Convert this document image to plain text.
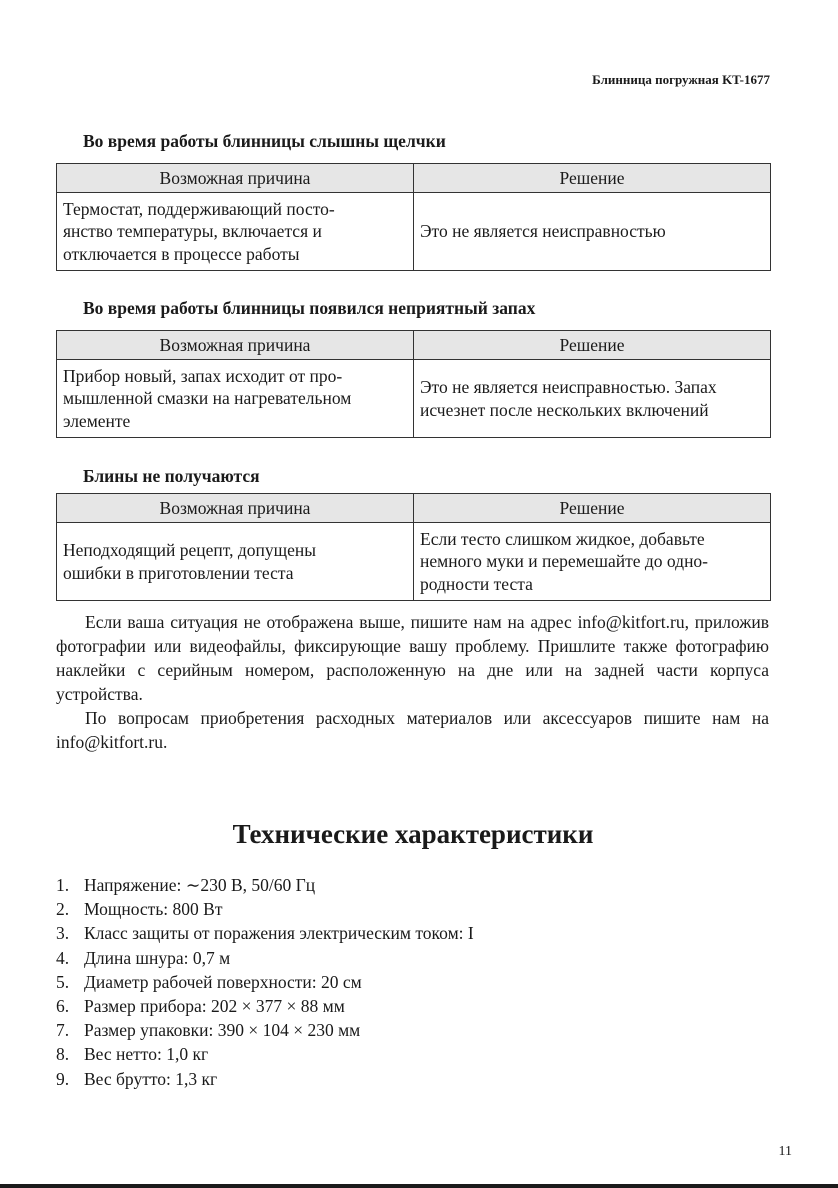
Блинница погружная KT-1677
Во время работы блинницы слышны щелчки
Возможная причина	Решение
Термостат, поддерживающий посто-
янство температуры, включается и
отключается в процессе работы	Это не является неисправностью
Во время работы блинницы появился неприятный запах
Возможная причина	Решение
Прибор новый, запах исходит от про-
мышленной смазки на нагревательном
элементе	Это не является неисправностью. Запах
исчезнет после нескольких включений
Блины не получаются
Возможная причина	Решение
Неподходящий рецепт, допущены
ошибки в приготовлении теста	Если тесто слишком жидкое, добавьте
немного муки и перемешайте до одно-
родности теста
Если ваша ситуация не отображена выше, пишите нам на адрес info@kitfort.ru, приложив фотографии или видеофайлы, фиксирующие вашу проблему. Пришлите также фотографию наклейки с серийным номером, расположенную на дне или на задней части корпуса устройства.
По вопросам приобретения расходных материалов или аксессуаров пишите нам на info@kitfort.ru.
Технические характеристики
1. Напряжение: ∼230 В, 50/60 Гц
2. Мощность: 800 Вт
3. Класс защиты от поражения электрическим током: I
4. Длина шнура: 0,7 м
5. Диаметр рабочей поверхности: 20 см
6. Размер прибора: 202 × 377 × 88 мм
7. Размер упаковки: 390 × 104 × 230 мм
8. Вес нетто: 1,0 кг
9. Вес брутто: 1,3 кг
11
